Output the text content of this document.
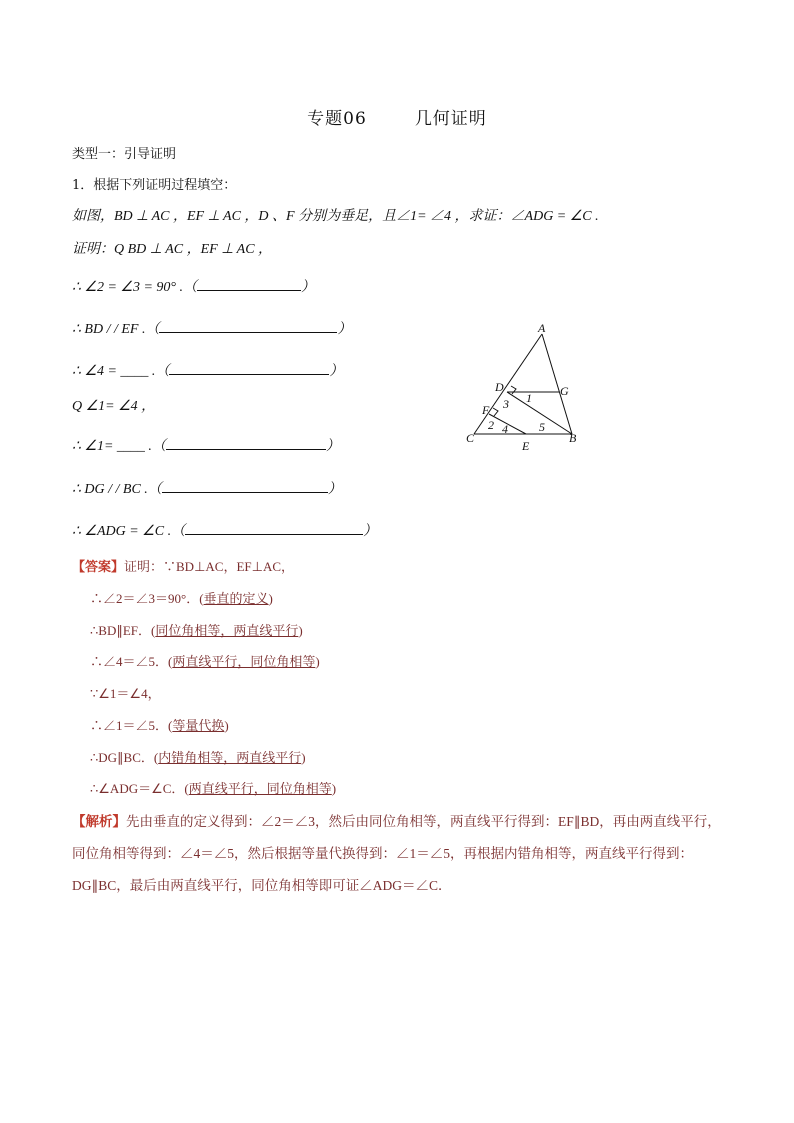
专题06	几何证明
类型一：引导证明
1．根据下列证明过程填空：
如图，BD ⊥ AC ，EF ⊥ AC ，D 、F 分别为垂足，且∠1= ∠4 ，求证：∠ADG = ∠C .
证明：Q BD ⊥ AC ，EF ⊥ AC ，
∴ ∠2 = ∠3 = 90° .（	）
∴ BD / / EF .（	）
∴ ∠4 = ____ .（	）
Q ∠1= ∠4 ，
∴ ∠1= ____ .（	）
∴ DG / / BC .（	）
∴ ∠ADG = ∠C .（	）
A
D	G
F
C
E
B
1
2
3
4	5
【答案】证明：∵BD⊥AC，EF⊥AC，
∴∠2＝∠3＝90°．(垂直的定义)
∴BD∥EF．(同位角相等，两直线平行)
∴∠4＝∠5．(两直线平行，同位角相等)
∵∠1＝∠4，
∴∠1＝∠5．(等量代换)
∴DG∥BC．(内错角相等，两直线平行)
∴∠ADG＝∠C．(两直线平行，同位角相等)
【解析】先由垂直的定义得到：∠2＝∠3，然后由同位角相等，两直线平行得到：EF∥BD，再由两直线平行，同位角相等得到：∠4＝∠5，然后根据等量代换得到：∠1＝∠5，再根据内错角相等，两直线平行得到：DG∥BC，最后由两直线平行，同位角相等即可证∠ADG＝∠C．
